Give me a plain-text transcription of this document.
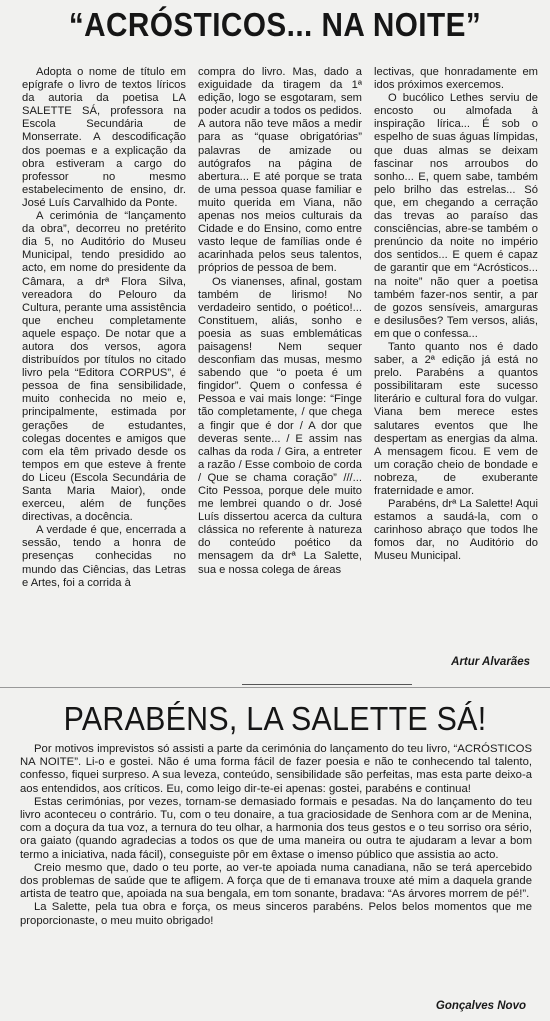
“ACRÓSTICOS... NA NOITE”

Adopta o nome de título em epígrafe o livro de textos líricos da autoria da poetisa LA SALETTE SÁ, professora na Escola Secundária de Monserrate. A descodificação dos poemas e a explicação da obra estiveram a cargo do professor no mesmo estabelecimento de ensino, dr. José Luís Carvalhido da Ponte.

A cerimónia de “lançamento da obra”, decorreu no pretérito dia 5, no Auditório do Museu Municipal, tendo presidido ao acto, em nome do presidente da Câmara, a drª Flora Silva, vereadora do Pelouro da Cultura, perante uma assistência que encheu completamente aquele espaço. De notar que a autora dos versos, agora distribuídos por títulos no citado livro pela “Editora CORPUS”, é pessoa de fina sensibilidade, muito conhecida no meio e, principalmente, estimada por gerações de estudantes, colegas docentes e amigos que com ela têm privado desde os tempos em que esteve à frente do Liceu (Escola Secundária de Santa Maria Maior), onde exerceu, além de funções directivas, a docência.

A verdade é que, encerrada a sessão, tendo a honra de presenças conhecidas no mundo das Ciências, das Letras e Artes, foi a corrida à

compra do livro. Mas, dado a exiguidade da tiragem da 1ª edição, logo se esgotaram, sem poder acudir a todos os pedidos. A autora não teve mãos a medir para as “quase obrigatórias” palavras de amizade ou autógrafos na página de abertura... E até porque se trata de uma pessoa quase familiar e muito querida em Viana, não apenas nos meios culturais da Cidade e do Ensino, como entre vasto leque de famílias onde é acarinhada pelos seus talentos, próprios de pessoa de bem.

Os vianenses, afinal, gostam também de lirismo! No verdadeiro sentido, o poético!... Constituem, aliás, sonho e poesia as suas emblemáticas paisagens! Nem sequer desconfiam das musas, mesmo sabendo que “o poeta é um fingidor”. Quem o confessa é Pessoa e vai mais longe: “Finge tão completamente, / que chega a fingir que é dor / A dor que deveras sente... / E assim nas calhas da roda / Gira, a entreter a razão / Esse comboio de corda / Que se chama coração” ///... Cito Pessoa, porque dele muito me lembrei quando o dr. José Luís dissertou acerca da cultura clássica no referente à natureza do conteúdo poético da mensagem da drª La Salette, sua e nossa colega de áreas

lectivas, que honradamente em idos próximos exercemos.

O bucólico Lethes serviu de encosto ou almofada à inspiração lírica... É sob o espelho de suas águas límpidas, que duas almas se deixam fascinar nos arroubos do sonho... E, quem sabe, também pelo brilho das estrelas... Só que, em chegando a cerração das trevas ao paraíso das consciências, abre-se também o prenúncio da noite no império dos sentidos... E quem é capaz de garantir que em “Acrósticos... na noite” não quer a poetisa também fazer-nos sentir, a par de gozos sensíveis, amarguras e desilusões? Tem versos, aliás, em que o confessa...

Tanto quanto nos é dado saber, a 2ª edição já está no prelo. Parabéns a quantos possibilitaram este sucesso literário e cultural fora do vulgar. Viana bem merece estes salutares eventos que lhe despertam as energias da alma. A mensagem ficou. E vem de um coração cheio de bondade e nobreza, de exuberante fraternidade e amor.

Parabéns, drª La Salette! Aqui estamos a saudá-la, com o carinhoso abraço que todos lhe fomos dar, no Auditório do Museu Municipal.

Artur Alvarães
PARABÉNS, LA SALETTE SÁ!

Por motivos imprevistos só assisti a parte da cerimónia do lançamento do teu livro, “ACRÓSTICOS NA NOITE”. Li-o e gostei. Não é uma forma fácil de fazer poesia e não te conhecendo tal talento, confesso, fiquei surpreso. A sua leveza, conteúdo, sensibilidade são perfeitas, mas esta parte deixo-a aos entendidos, aos críticos. Eu, como leigo dir-te-ei apenas: gostei, parabéns e continua!

Estas cerimónias, por vezes, tornam-se demasiado formais e pesadas. Na do lançamento do teu livro aconteceu o contrário. Tu, com o teu donaire, a tua graciosidade de Senhora com ar de Menina, com a doçura da tua voz, a ternura do teu olhar, a harmonia dos teus gestos e o teu sorriso ora sério, ora gaiato (quando agradecias a todos os que de uma maneira ou outra te ajudaram a levar a bom termo a iniciativa, nada fácil), conseguiste pôr em êxtase o imenso público que assistia ao acto.

Creio mesmo que, dado o teu porte, ao ver-te apoiada numa canadiana, não se terá apercebido dos problemas de saúde que te afligem. A força que de ti emanava trouxe até mim a daquela grande artista de teatro que, apoiada na sua bengala, em tom sonante, bradava: “As árvores morrem de pé!”.

La Salette, pela tua obra e força, os meus sinceros parabéns. Pelos belos momentos que me proporcionaste, o meu muito obrigado!

Gonçalves Novo
